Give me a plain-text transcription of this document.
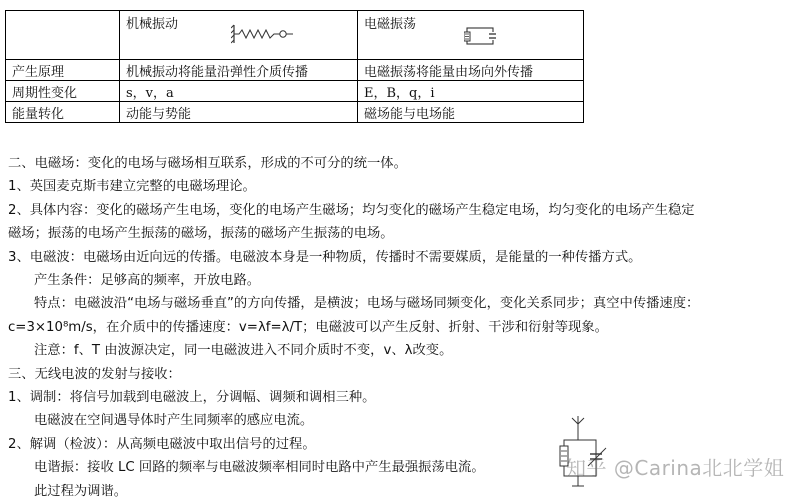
	机械振动	电磁振荡

产生原理	机械振动将能量沿弹性介质传播	电磁振荡将能量由场向外传播
周期性变化	s，v，a	E，B，q，i
能量转化	动能与势能	磁场能与电场能

二、电磁场：变化的电场与磁场相互联系，形成的不可分的统一体。

1、英国麦克斯韦建立完整的电磁场理论。

2、具体内容：变化的磁场产生电场，变化的电场产生磁场；均匀变化的磁场产生稳定电场，均匀变化的电场产生稳定

磁场；振荡的电场产生振荡的磁场，振荡的磁场产生振荡的电场。

3、电磁波：电磁场由近向远的传播。电磁波本身是一种物质，传播时不需要媒质，是能量的一种传播方式。

产生条件：足够高的频率，开放电路。

特点：电磁波沿“电场与磁场垂直”的方向传播，是横波；电场与磁场同频变化，变化关系同步；真空中传播速度：

c=3×10⁸m/s，在介质中的传播速度：v=λf=λ/T；电磁波可以产生反射、折射、干涉和衍射等现象。

注意：f、T 由波源决定，同一电磁波进入不同介质时不变，v、λ改变。

三、无线电波的发射与接收：

1、调制：将信号加载到电磁波上，分调幅、调频和调相三种。

电磁波在空间遇导体时产生同频率的感应电流。

2、解调（检波）：从高频电磁波中取出信号的过程。

电谐振：接收 LC 回路的频率与电磁波频率相同时电路中产生最强振荡电流。

此过程为调谐。

知乎 @Carina北北学姐
